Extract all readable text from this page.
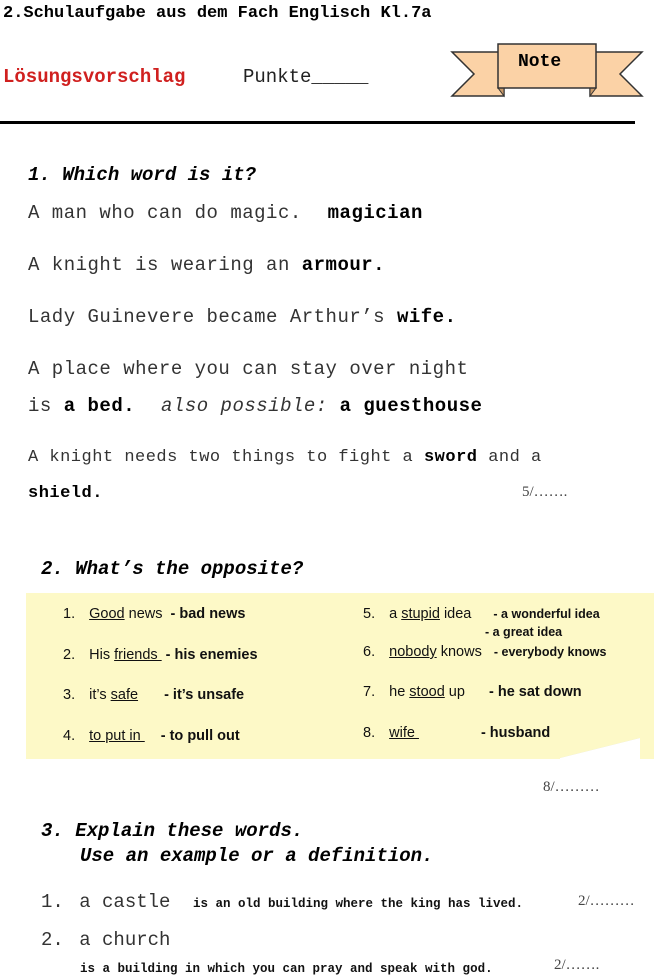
2.Schulaufgabe aus dem Fach Englisch Kl.7a
Lösungsvorschlag	Punkte_____
Note
1. Which word is it?
A man who can do magic. magician
A knight is wearing an armour.
Lady Guinevere became Arthur’s wife.
A place where you can stay over night
is a bed. also possible: a guesthouse
A knight needs two things to fight a sword and a
shield.	5/…….
2. What’s the opposite?
1. Good news - bad news
2. His friends - his enemies
3. it’s safe - it’s unsafe
4. to put in - to pull out
5. a stupid idea - a wonderful idea
- a great idea
6. nobody knows - everybody knows
7. he stood up - he sat down
8. wife	- husband
8/………
3. Explain these words.
Use an example or a definition.
1. a castle is an old building where the king has lived.	2/………
2. a church
is a building in which you can pray and speak with god.	2/…….
